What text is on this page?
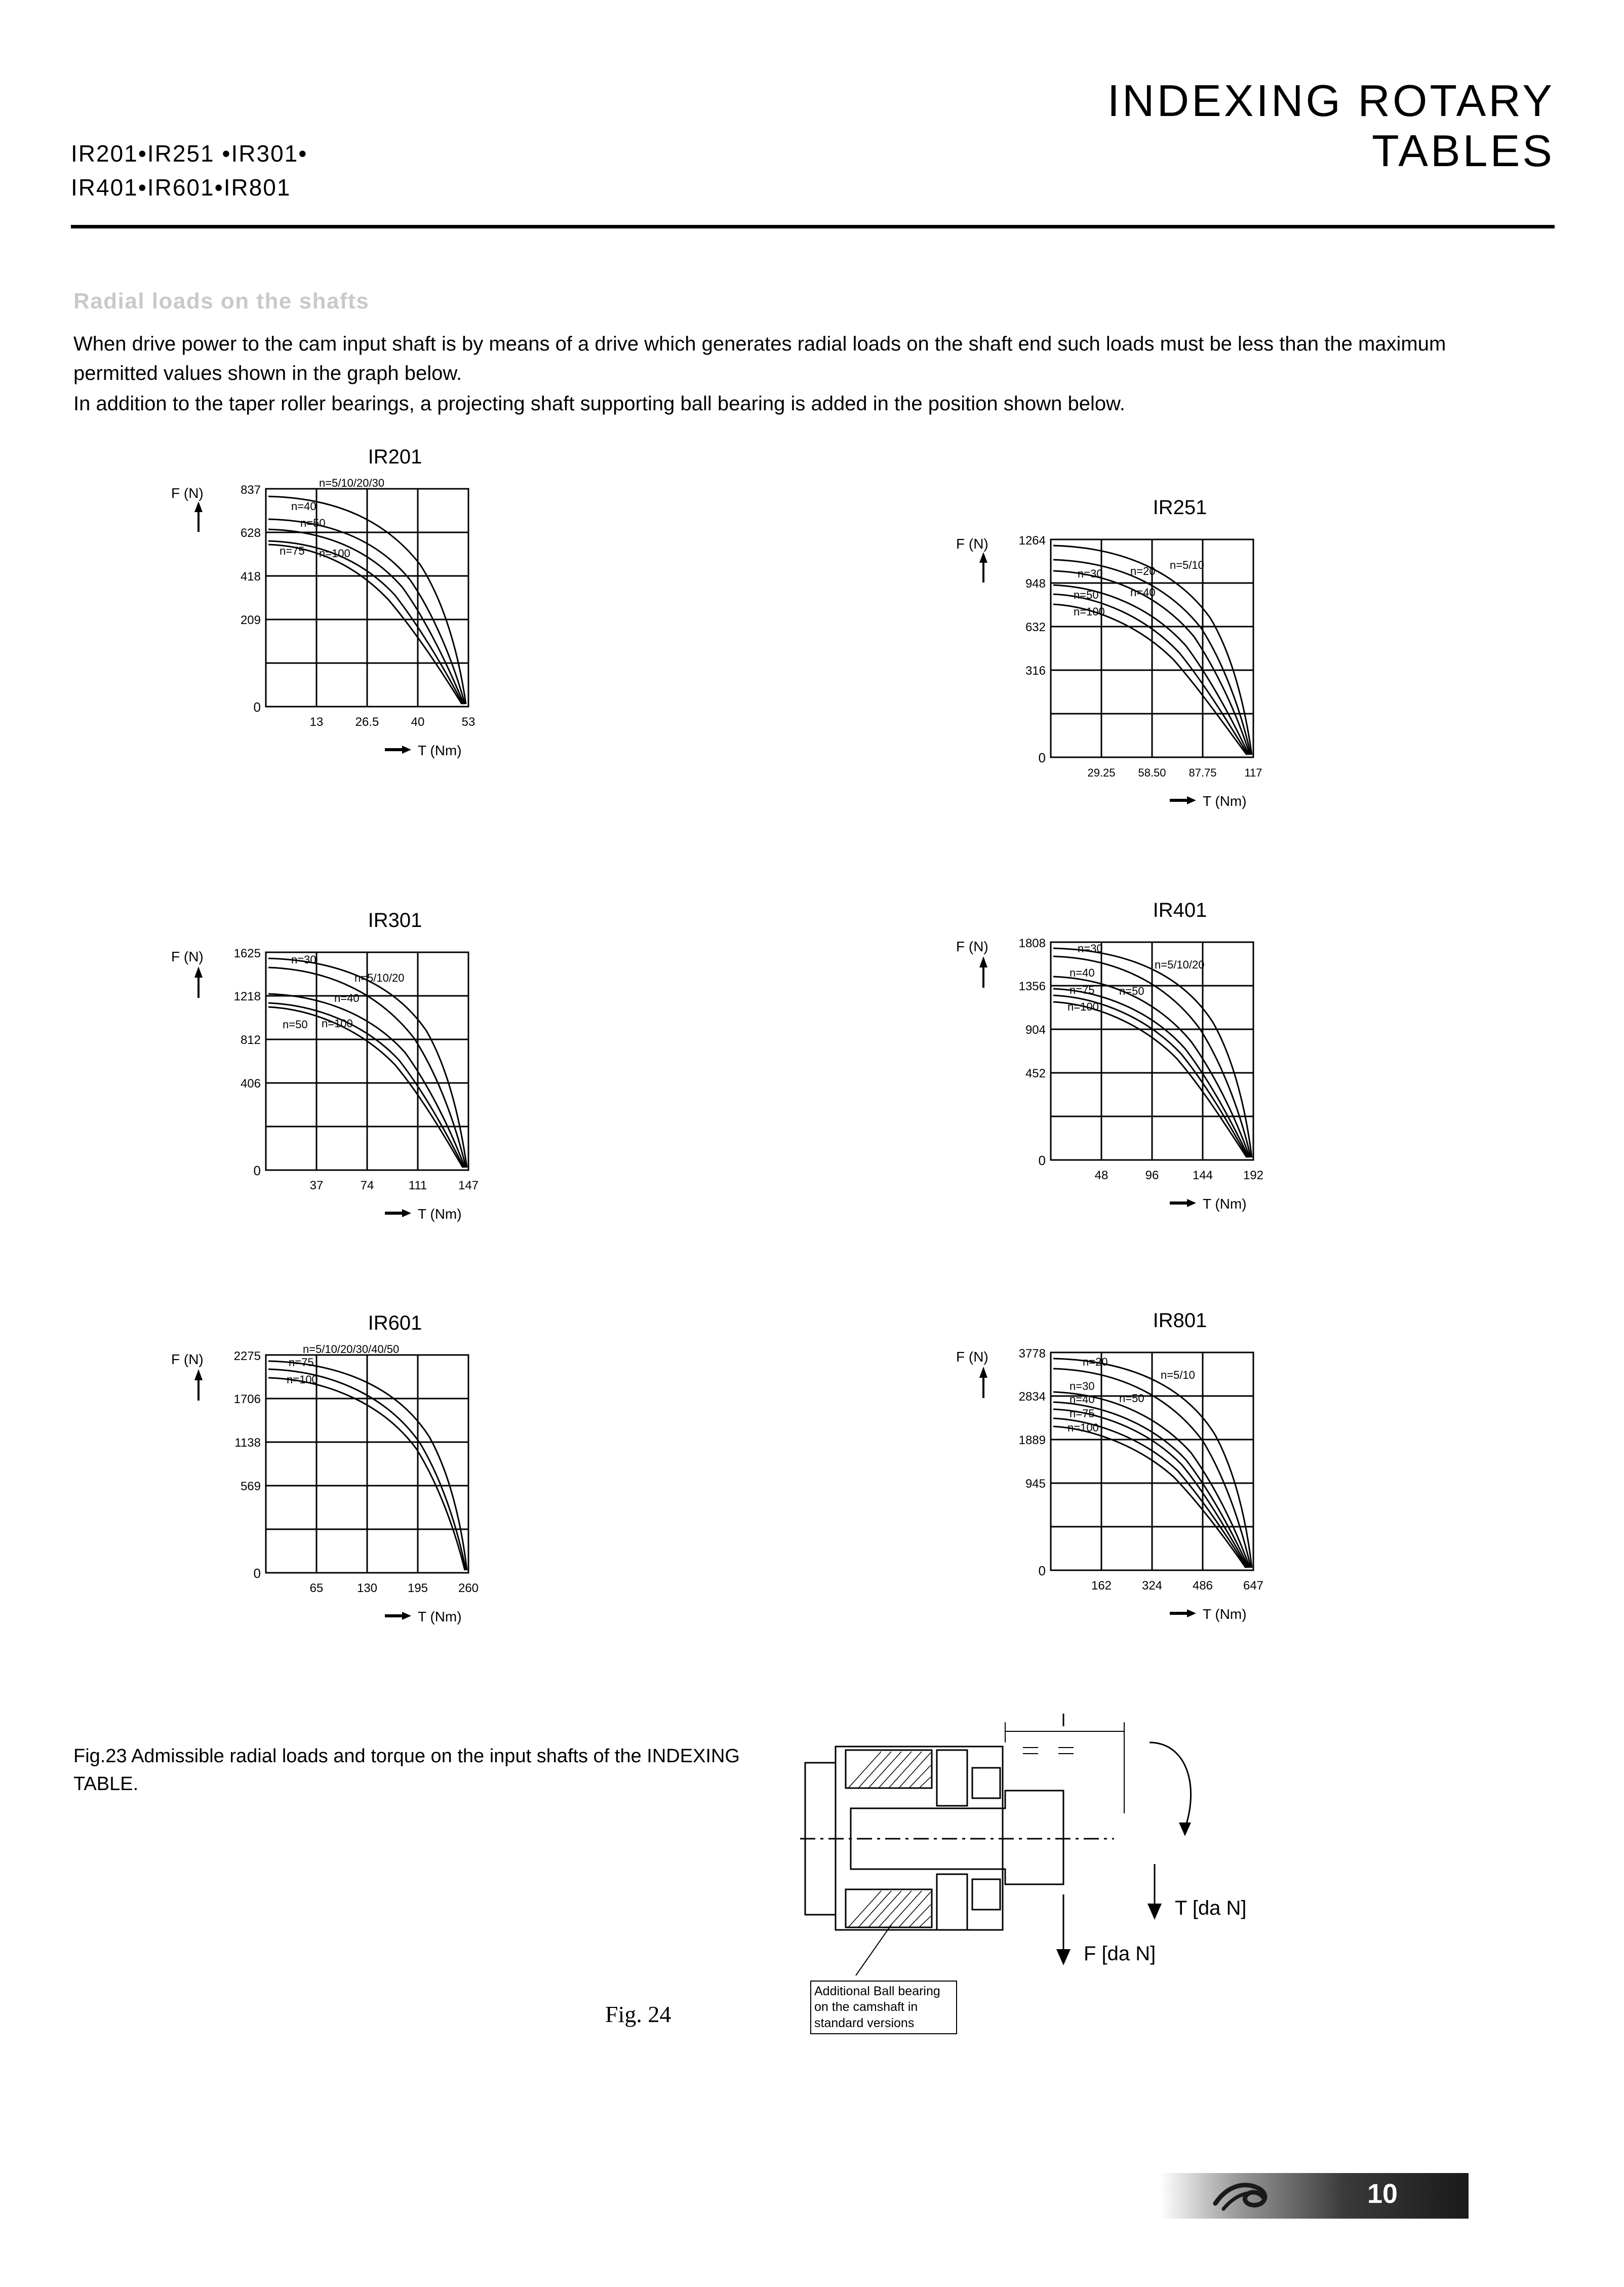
INDEXING ROTARY
TABLES
IR201•IR251 •IR301•
IR401•IR601•IR801
Radial loads on the shafts

When drive power to the cam input shaft is by means of a drive which generates radial loads on the shaft end such loads must be less than the maximum permitted values shown in the graph below.

In addition to the taper roller bearings, a projecting shaft supporting ball bearing is added in the position shown below.

IR201
F (N)	837
628
418
209
0
13	26.5	40	53
T (Nm)
n=5/10/20/30
n=40
n=50
n=75 n=100
IR251
F (N) 1264
948
632
316
0
29.25 58.50 87.75 117
T (Nm)
n=5/10
n=20
n=30
n=40
n=50
n=100
IR301
F (N) 1625
1218
812
406
0
37	74	111	147
T (Nm)
n=5/10/20
n=30
n=40
n=50 n=100
IR401
F (N) 1808
1356
904
452
0
48	96	144 192
T (Nm)
n=5/10/20
n=30
n=40
n=50
n=75
n=100
IR601
F (N) 2275
1706
1138
569
0
65	130 195 260
T (Nm)
n=5/10/20/30/40/50
n=75
n=100
IR801
F (N) 3778
2834
1889
945
0
162 324 486 647
T (Nm)
n=5/10
n=20
n=30
n=40 n=50
n=75
n=100
Fig.23 Admissible radial loads and torque on the input shafts of the INDEXING TABLE.
Fig. 24
l
T [da N]
F [da N]
Additional Ball bearing on the camshaft in standard versions
10
